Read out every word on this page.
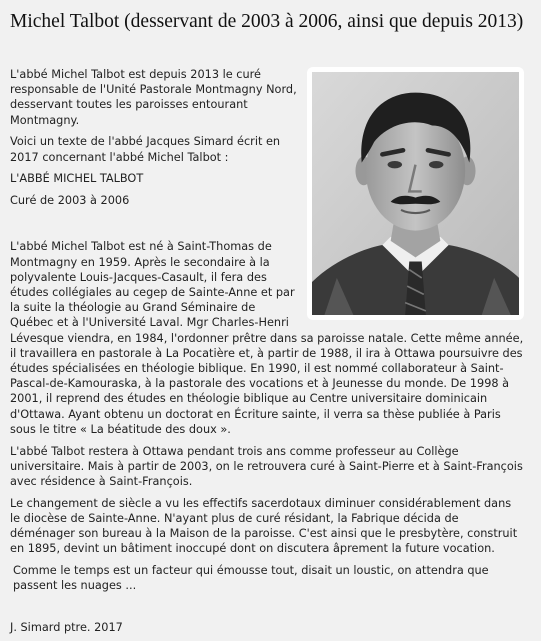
Michel Talbot (desservant de 2003 à 2006, ainsi que depuis 2013)

L'abbé Michel Talbot est depuis 2013 le curé responsable de l'Unité Pastorale Montmagny Nord, desservant toutes les paroisses entourant Montmagny.

Voici un texte de l'abbé Jacques Simard écrit en 2017 concernant l'abbé Michel Talbot :

L'ABBÉ MICHEL TALBOT

Curé de 2003 à 2006

L'abbé Michel Talbot est né à Saint-Thomas de Montmagny en 1959. Après le secondaire à la polyvalente Louis-Jacques-Casault, il fera des études collégiales au cegep de Sainte-Anne et par la suite la théologie au Grand Séminaire de Québec et à l'Université Laval. Mgr Charles-Henri Lévesque viendra, en 1984, l'ordonner prêtre dans sa paroisse natale. Cette même année, il travaillera en pastorale à La Pocatière et, à partir de 1988, il ira à Ottawa poursuivre des études spécialisées en théologie biblique. En 1990, il est nommé collaborateur à Saint-Pascal-de-Kamouraska, à la pastorale des vocations et à Jeunesse du monde. De 1998 à 2001, il reprend des études en théologie biblique au Centre universitaire dominicain d'Ottawa. Ayant obtenu un doctorat en Écriture sainte, il verra sa thèse publiée à Paris sous le titre « La béatitude des doux ».

L'abbé Talbot restera à Ottawa pendant trois ans comme professeur au Collège universitaire. Mais à partir de 2003, on le retrouvera curé à Saint-Pierre et à Saint-François avec résidence à Saint-François.

Le changement de siècle a vu les effectifs sacerdotaux diminuer considérablement dans le diocèse de Sainte-Anne. N'ayant plus de curé résidant, la Fabrique décida de déménager son bureau à la Maison de la paroisse. C'est ainsi que le presbytère, construit en 1895, devint un bâtiment inoccupé dont on discutera âprement la future vocation.

Comme le temps est un facteur qui émousse tout, disait un loustic, on attendra que passent les nuages ...

J. Simard ptre. 2017
